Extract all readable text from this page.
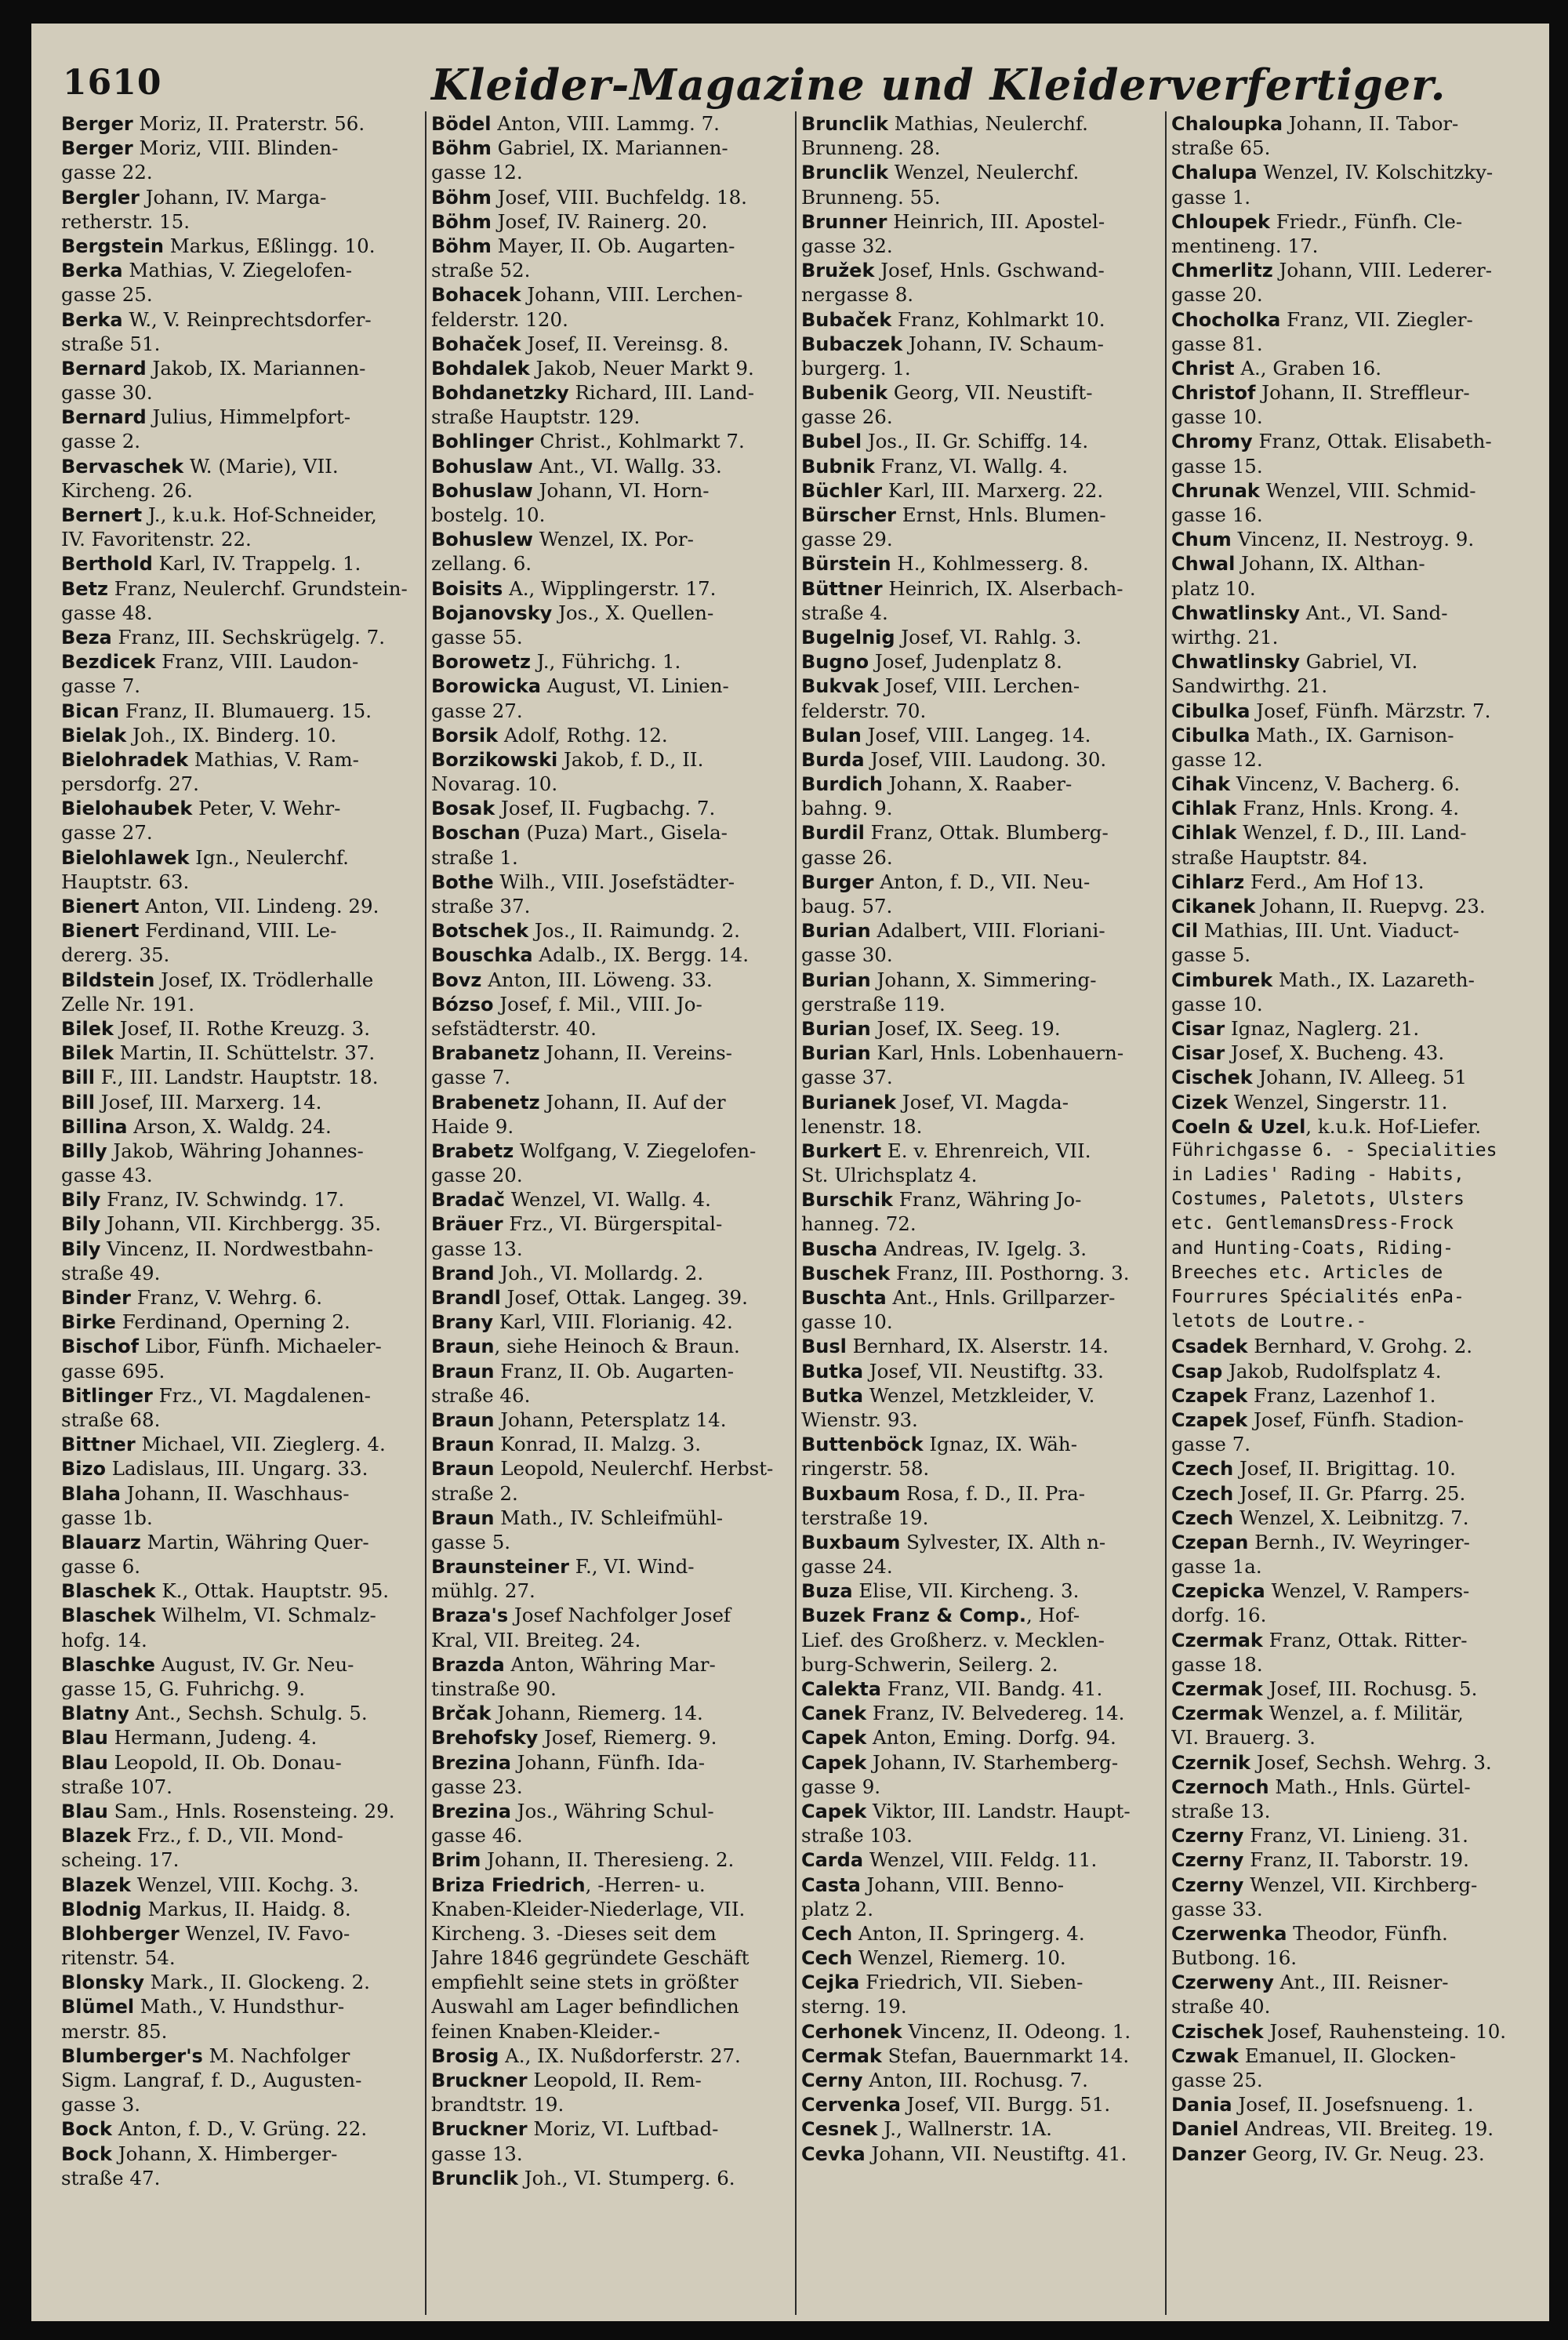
1610	Kleider-Magazine und Kleiderverfertiger.
Berger Moriz, II. Praterstr. 56.
Berger Moriz, VIII. Blinden-
gasse 22.
Bergler Johann, IV. Marga-
retherstr. 15.
Bergstein Markus, Eßlingg. 10.
Berka Mathias, V. Ziegelofen-
gasse 25.
Berka W., V. Reinprechtsdorfer-
straße 51.
Bernard Jakob, IX. Mariannen-
gasse 30.
Bernard Julius, Himmelpfort-
gasse 2.
Bervaschek W. (Marie), VII.
Kircheng. 26.
Bernert J., k.u.k. Hof-Schneider,
IV. Favoritenstr. 22.
Berthold Karl, IV. Trappelg. 1.
Betz Franz, Neulerchf. Grundstein-
gasse 48.
Beza Franz, III. Sechskrügelg. 7.
Bezdicek Franz, VIII. Laudon-
gasse 7.
Bican Franz, II. Blumauerg. 15.
Bielak Joh., IX. Binderg. 10.
Bielohradek Mathias, V. Ram-
persdorfg. 27.
Bielohaubek Peter, V. Wehr-
gasse 27.
Bielohlawek Ign., Neulerchf.
Hauptstr. 63.
Bienert Anton, VII. Lindeng. 29.
Bienert Ferdinand, VIII. Le-
dererg. 35.
Bildstein Josef, IX. Trödlerhalle
Zelle Nr. 191.
Bilek Josef, II. Rothe Kreuzg. 3.
Bilek Martin, II. Schüttelstr. 37.
Bill F., III. Landstr. Hauptstr. 18.
Bill Josef, III. Marxerg. 14.
Billina Arson, X. Waldg. 24.
Billy Jakob, Währing Johannes-
gasse 43.
Bily Franz, IV. Schwindg. 17.
Bily Johann, VII. Kirchbergg. 35.
Bily Vincenz, II. Nordwestbahn-
straße 49.
Binder Franz, V. Wehrg. 6.
Birke Ferdinand, Operning 2.
Bischof Libor, Fünfh. Michaeler-
gasse 695.
Bitlinger Frz., VI. Magdalenen-
straße 68.
Bittner Michael, VII. Zieglerg. 4.
Bizo Ladislaus, III. Ungarg. 33.
Blaha Johann, II. Waschhaus-
gasse 1b.
Blauarz Martin, Währing Quer-
gasse 6.
Blaschek K., Ottak. Hauptstr. 95.
Blaschek Wilhelm, VI. Schmalz-
hofg. 14.
Blaschke August, IV. Gr. Neu-
gasse 15, G. Fuhrichg. 9.
Blatny Ant., Sechsh. Schulg. 5.
Blau Hermann, Judeng. 4.
Blau Leopold, II. Ob. Donau-
straße 107.
Blau Sam., Hnls. Rosensteing. 29.
Blazek Frz., f. D., VII. Mond-
scheing. 17.
Blazek Wenzel, VIII. Kochg. 3.
Blodnig Markus, II. Haidg. 8.
Blohberger Wenzel, IV. Favo-
ritenstr. 54.
Blonsky Mark., II. Glockeng. 2.
Blümel Math., V. Hundsthur-
merstr. 85.
Blumberger's M. Nachfolger
Sigm. Langraf, f. D., Augusten-
gasse 3.
Bock Anton, f. D., V. Grüng. 22.
Bock Johann, X. Himberger-
straße 47.
Bödel Anton, VIII. Lammg. 7.
Böhm Gabriel, IX. Mariannen-
gasse 12.
Böhm Josef, VIII. Buchfeldg. 18.
Böhm Josef, IV. Rainerg. 20.
Böhm Mayer, II. Ob. Augarten-
straße 52.
Bohacek Johann, VIII. Lerchen-
felderstr. 120.
Bohaček Josef, II. Vereinsg. 8.
Bohdalek Jakob, Neuer Markt 9.
Bohdanetzky Richard, III. Land-
straße Hauptstr. 129.
Bohlinger Christ., Kohlmarkt 7.
Bohuslaw Ant., VI. Wallg. 33.
Bohuslaw Johann, VI. Horn-
bostelg. 10.
Bohuslew Wenzel, IX. Por-
zellang. 6.
Boisits A., Wipplingerstr. 17.
Bojanovsky Jos., X. Quellen-
gasse 55.
Borowetz J., Führichg. 1.
Borowicka August, VI. Linien-
gasse 27.
Borsik Adolf, Rothg. 12.
Borzikowski Jakob, f. D., II.
Novarag. 10.
Bosak Josef, II. Fugbachg. 7.
Boschan (Puza) Mart., Gisela-
straße 1.
Bothe Wilh., VIII. Josefstädter-
straße 37.
Botschek Jos., II. Raimundg. 2.
Bouschka Adalb., IX. Bergg. 14.
Bovz Anton, III. Löweng. 33.
Bózso Josef, f. Mil., VIII. Jo-
sefstädterstr. 40.
Brabanetz Johann, II. Vereins-
gasse 7.
Brabenetz Johann, II. Auf der
Haide 9.
Brabetz Wolfgang, V. Ziegelofen-
gasse 20.
Bradač Wenzel, VI. Wallg. 4.
Bräuer Frz., VI. Bürgerspital-
gasse 13.
Brand Joh., VI. Mollardg. 2.
Brandl Josef, Ottak. Langeg. 39.
Brany Karl, VIII. Florianig. 42.
Braun, siehe Heinoch & Braun.
Braun Franz, II. Ob. Augarten-
straße 46.
Braun Johann, Petersplatz 14.
Braun Konrad, II. Malzg. 3.
Braun Leopold, Neulerchf. Herbst-
straße 2.
Braun Math., IV. Schleifmühl-
gasse 5.
Braunsteiner F., VI. Wind-
mühlg. 27.
Braza's Josef Nachfolger Josef
Kral, VII. Breiteg. 24.
Brazda Anton, Währing Mar-
tinstraße 90.
Brčak Johann, Riemerg. 14.
Brehofsky Josef, Riemerg. 9.
Brezina Johann, Fünfh. Ida-
gasse 23.
Brezina Jos., Währing Schul-
gasse 46.
Brim Johann, II. Theresieng. 2.
Briza Friedrich, -Herren- u.
Knaben-Kleider-Niederlage, VII.
Kircheng. 3. -Dieses seit dem
Jahre 1846 gegründete Geschäft
empfiehlt seine stets in größter
Auswahl am Lager befindlichen
feinen Knaben-Kleider.-
Brosig A., IX. Nußdorferstr. 27.
Bruckner Leopold, II. Rem-
brandtstr. 19.
Bruckner Moriz, VI. Luftbad-
gasse 13.
Brunclik Joh., VI. Stumperg. 6.
Brunclik Mathias, Neulerchf.
Brunneng. 28.
Brunclik Wenzel, Neulerchf.
Brunneng. 55.
Brunner Heinrich, III. Apostel-
gasse 32.
Bružek Josef, Hnls. Gschwand-
nergasse 8.
Bubaček Franz, Kohlmarkt 10.
Bubaczek Johann, IV. Schaum-
burgerg. 1.
Bubenik Georg, VII. Neustift-
gasse 26.
Bubel Jos., II. Gr. Schiffg. 14.
Bubnik Franz, VI. Wallg. 4.
Büchler Karl, III. Marxerg. 22.
Bürscher Ernst, Hnls. Blumen-
gasse 29.
Bürstein H., Kohlmesserg. 8.
Büttner Heinrich, IX. Alserbach-
straße 4.
Bugelnig Josef, VI. Rahlg. 3.
Bugno Josef, Judenplatz 8.
Bukvak Josef, VIII. Lerchen-
felderstr. 70.
Bulan Josef, VIII. Langeg. 14.
Burda Josef, VIII. Laudong. 30.
Burdich Johann, X. Raaber-
bahng. 9.
Burdil Franz, Ottak. Blumberg-
gasse 26.
Burger Anton, f. D., VII. Neu-
baug. 57.
Burian Adalbert, VIII. Floriani-
gasse 30.
Burian Johann, X. Simmering-
gerstraße 119.
Burian Josef, IX. Seeg. 19.
Burian Karl, Hnls. Lobenhauern-
gasse 37.
Burianek Josef, VI. Magda-
lenenstr. 18.
Burkert E. v. Ehrenreich, VII.
St. Ulrichsplatz 4.
Burschik Franz, Währing Jo-
hanneg. 72.
Buscha Andreas, IV. Igelg. 3.
Buschek Franz, III. Posthorng. 3.
Buschta Ant., Hnls. Grillparzer-
gasse 10.
Busl Bernhard, IX. Alserstr. 14.
Butka Josef, VII. Neustiftg. 33.
Butka Wenzel, Metzkleider, V.
Wienstr. 93.
Buttenböck Ignaz, IX. Wäh-
ringerstr. 58.
Buxbaum Rosa, f. D., II. Pra-
terstraße 19.
Buxbaum Sylvester, IX. Alth n-
gasse 24.
Buza Elise, VII. Kircheng. 3.
Buzek Franz & Comp., Hof-
Lief. des Großherz. v. Mecklen-
burg-Schwerin, Seilerg. 2.
Calekta Franz, VII. Bandg. 41.
Canek Franz, IV. Belvedereg. 14.
Capek Anton, Eming. Dorfg. 94.
Capek Johann, IV. Starhemberg-
gasse 9.
Capek Viktor, III. Landstr. Haupt-
straße 103.
Carda Wenzel, VIII. Feldg. 11.
Casta Johann, VIII. Benno-
platz 2.
Cech Anton, II. Springerg. 4.
Cech Wenzel, Riemerg. 10.
Cejka Friedrich, VII. Sieben-
sterng. 19.
Cerhonek Vincenz, II. Odeong. 1.
Cermak Stefan, Bauernmarkt 14.
Cerny Anton, III. Rochusg. 7.
Cervenka Josef, VII. Burgg. 51.
Cesnek J., Wallnerstr. 1A.
Cevka Johann, VII. Neustiftg. 41.
Chaloupka Johann, II. Tabor-
straße 65.
Chalupa Wenzel, IV. Kolschitzky-
gasse 1.
Chloupek Friedr., Fünfh. Cle-
mentineng. 17.
Chmerlitz Johann, VIII. Lederer-
gasse 20.
Chocholka Franz, VII. Ziegler-
gasse 81.
Christ A., Graben 16.
Christof Johann, II. Streffleur-
gasse 10.
Chromy Franz, Ottak. Elisabeth-
gasse 15.
Chrunak Wenzel, VIII. Schmid-
gasse 16.
Chum Vincenz, II. Nestroyg. 9.
Chwal Johann, IX. Althan-
platz 10.
Chwatlinsky Ant., VI. Sand-
wirthg. 21.
Chwatlinsky Gabriel, VI.
Sandwirthg. 21.
Cibulka Josef, Fünfh. Märzstr. 7.
Cibulka Math., IX. Garnison-
gasse 12.
Cihak Vincenz, V. Bacherg. 6.
Cihlak Franz, Hnls. Krong. 4.
Cihlak Wenzel, f. D., III. Land-
straße Hauptstr. 84.
Cihlarz Ferd., Am Hof 13.
Cikanek Johann, II. Ruepvg. 23.
Cil Mathias, III. Unt. Viaduct-
gasse 5.
Cimburek Math., IX. Lazareth-
gasse 10.
Cisar Ignaz, Naglerg. 21.
Cisar Josef, X. Bucheng. 43.
Cischek Johann, IV. Alleeg. 51
Cizek Wenzel, Singerstr. 11.
Coeln & Uzel, k.u.k. Hof-Liefer.
Führichgasse 6. - Specialities
in Ladies' Rading - Habits,
Costumes, Paletots, Ulsters
etc. GentlemansDress-Frock
and Hunting-Coats, Riding-
Breeches etc. Articles de
Fourrures Spécialités enPa-
letots de Loutre.-
Csadek Bernhard, V. Grohg. 2.
Csap Jakob, Rudolfsplatz 4.
Czapek Franz, Lazenhof 1.
Czapek Josef, Fünfh. Stadion-
gasse 7.
Czech Josef, II. Brigittag. 10.
Czech Josef, II. Gr. Pfarrg. 25.
Czech Wenzel, X. Leibnitzg. 7.
Czepan Bernh., IV. Weyringer-
gasse 1a.
Czepicka Wenzel, V. Rampers-
dorfg. 16.
Czermak Franz, Ottak. Ritter-
gasse 18.
Czermak Josef, III. Rochusg. 5.
Czermak Wenzel, a. f. Militär,
VI. Brauerg. 3.
Czernik Josef, Sechsh. Wehrg. 3.
Czernoch Math., Hnls. Gürtel-
straße 13.
Czerny Franz, VI. Linieng. 31.
Czerny Franz, II. Taborstr. 19.
Czerny Wenzel, VII. Kirchberg-
gasse 33.
Czerwenka Theodor, Fünfh.
Butbong. 16.
Czerweny Ant., III. Reisner-
straße 40.
Czischek Josef, Rauhensteing. 10.
Czwak Emanuel, II. Glocken-
gasse 25.
Dania Josef, II. Josefsnueng. 1.
Daniel Andreas, VII. Breiteg. 19.
Danzer Georg, IV. Gr. Neug. 23.
